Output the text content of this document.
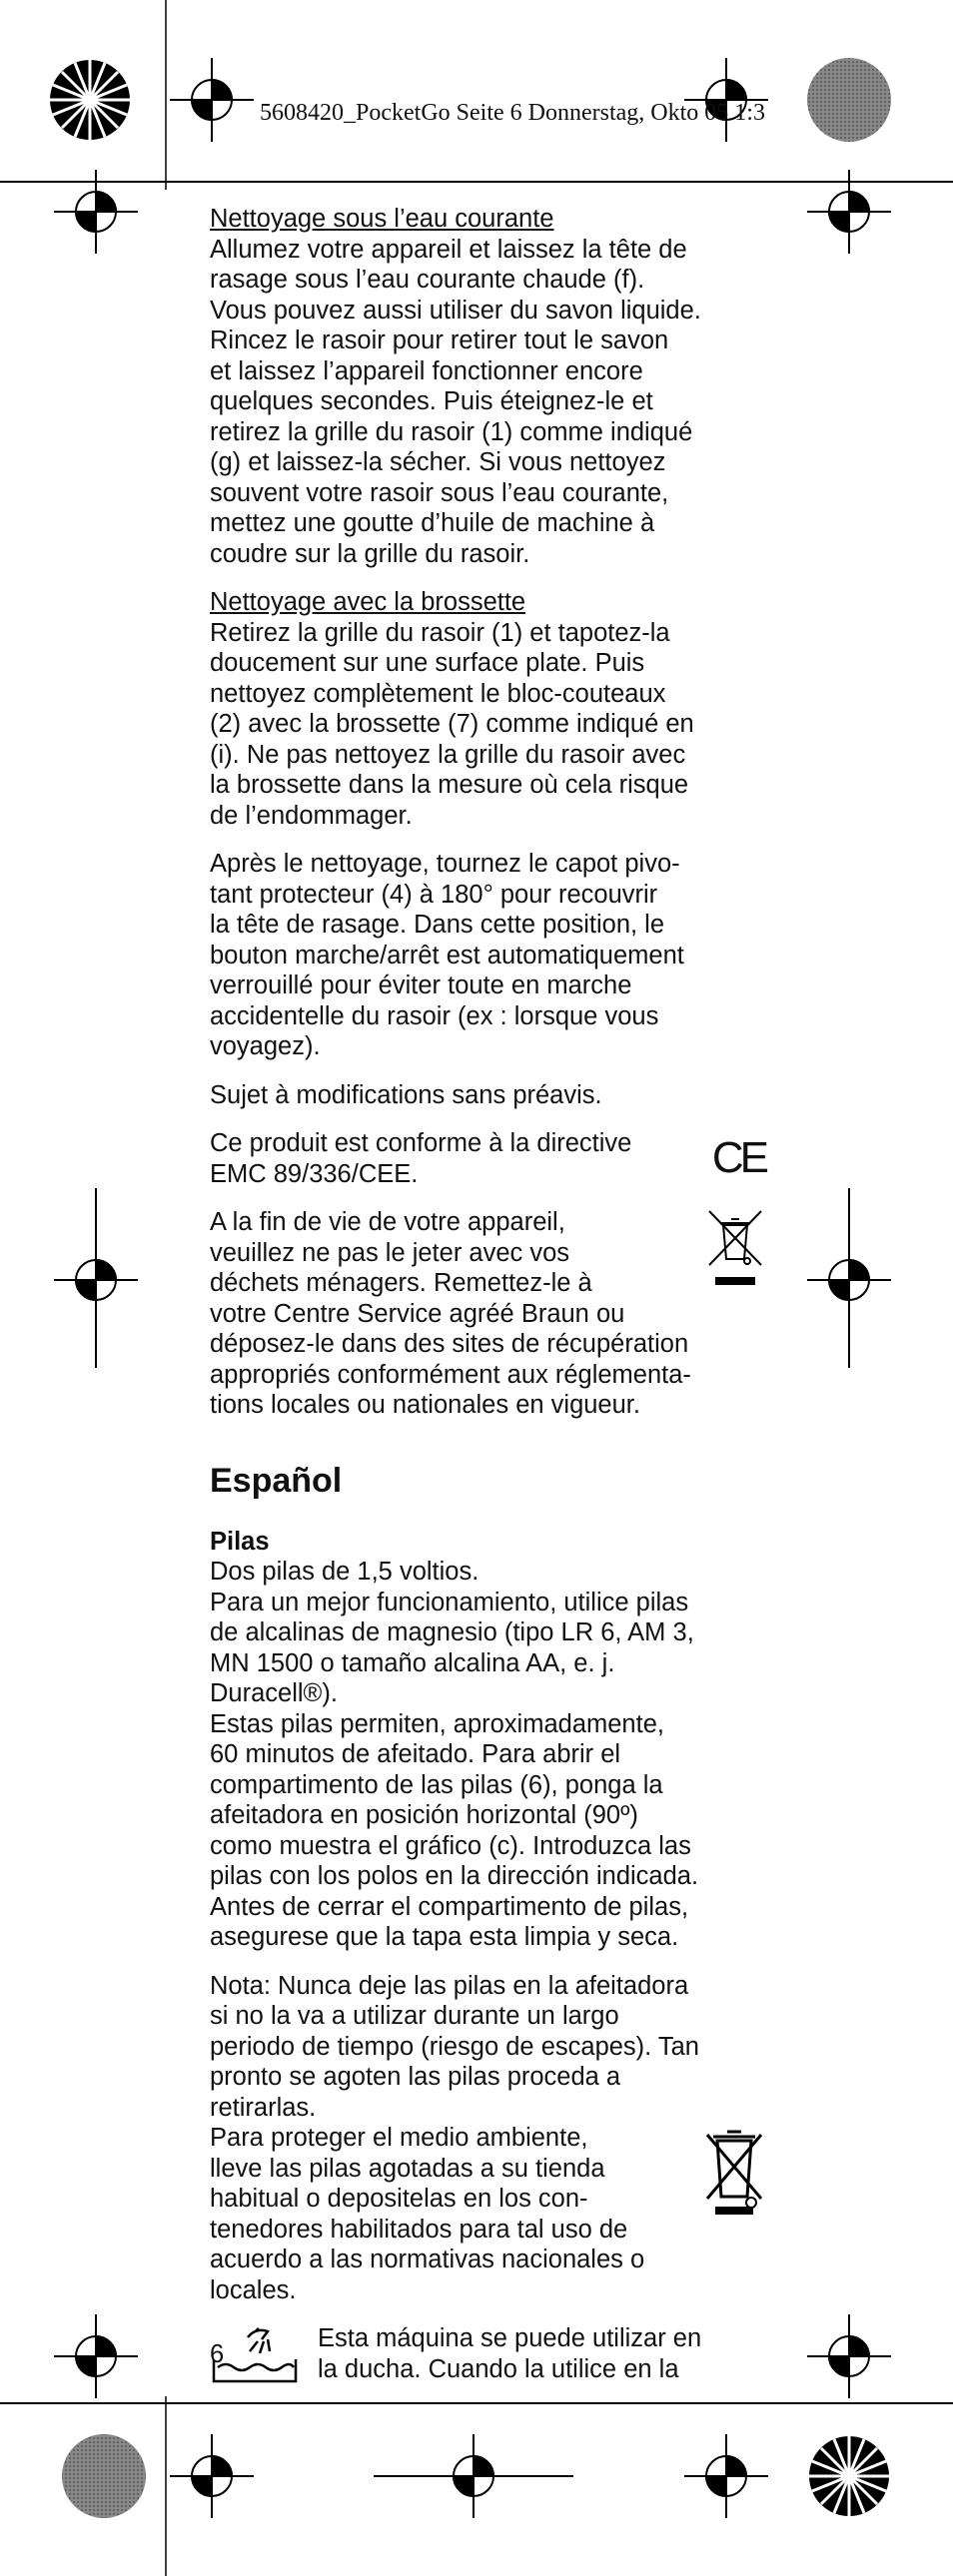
5608420_PocketGo Seite 6 Donnerstag, Okto 05 1:3

Nettoyage sous l’eau courante
Allumez votre appareil et laissez la tête de
rasage sous l’eau courante chaude (f).
Vous pouvez aussi utiliser du savon liquide.
Rincez le rasoir pour retirer tout le savon
et laissez l’appareil fonctionner encore
quelques secondes. Puis éteignez-le et
retirez la grille du rasoir (1) comme indiqué
(g) et laissez-la sécher. Si vous nettoyez
souvent votre rasoir sous l’eau courante,
mettez une goutte d’huile de machine à
coudre sur la grille du rasoir.

Nettoyage avec la brossette
Retirez la grille du rasoir (1) et tapotez-la
doucement sur une surface plate. Puis
nettoyez complètement le bloc-couteaux
(2) avec la brossette (7) comme indiqué en
(i). Ne pas nettoyez la grille du rasoir avec
la brossette dans la mesure où cela risque
de l’endommager.

Après le nettoyage, tournez le capot pivo-
tant protecteur (4) à 180° pour recouvrir
la tête de rasage. Dans cette position, le
bouton marche/arrêt est automatiquement
verrouillé pour éviter toute en marche
accidentelle du rasoir (ex : lorsque vous
voyagez).

Sujet à modifications sans préavis.

Ce produit est conforme à la directive
EMC 89/336/CEE.	CE

A la fin de vie de votre appareil,
veuillez ne pas le jeter avec vos
déchets ménagers. Remettez-le à
votre Centre Service agréé Braun ou
déposez-le dans des sites de récupération
appropriés conformément aux réglementa-
tions locales ou nationales en vigueur.

Español

Pilas
Dos pilas de 1,5 voltios.
Para un mejor funcionamiento, utilice pilas
de alcalinas de magnesio (tipo LR 6, AM 3,
MN 1500 o tamaño alcalina AA, e. j.
Duracell®).
Estas pilas permiten, aproximadamente,
60 minutos de afeitado. Para abrir el
compartimento de las pilas (6), ponga la
afeitadora en posición horizontal (90º)
como muestra el gráfico (c). Introduzca las
pilas con los polos en la dirección indicada.
Antes de cerrar el compartimento de pilas,
asegurese que la tapa esta limpia y seca.

Nota: Nunca deje las pilas en la afeitadora
si no la va a utilizar durante un largo
periodo de tiempo (riesgo de escapes). Tan
pronto se agoten las pilas proceda a
retirarlas.

Para proteger el medio ambiente,
lleve las pilas agotadas a su tienda
habitual o depositelas en los con-
tenedores habilitados para tal uso de
acuerdo a las normativas nacionales o
locales.

Esta máquina se puede utilizar en
la ducha. Cuando la utilice en la
6
